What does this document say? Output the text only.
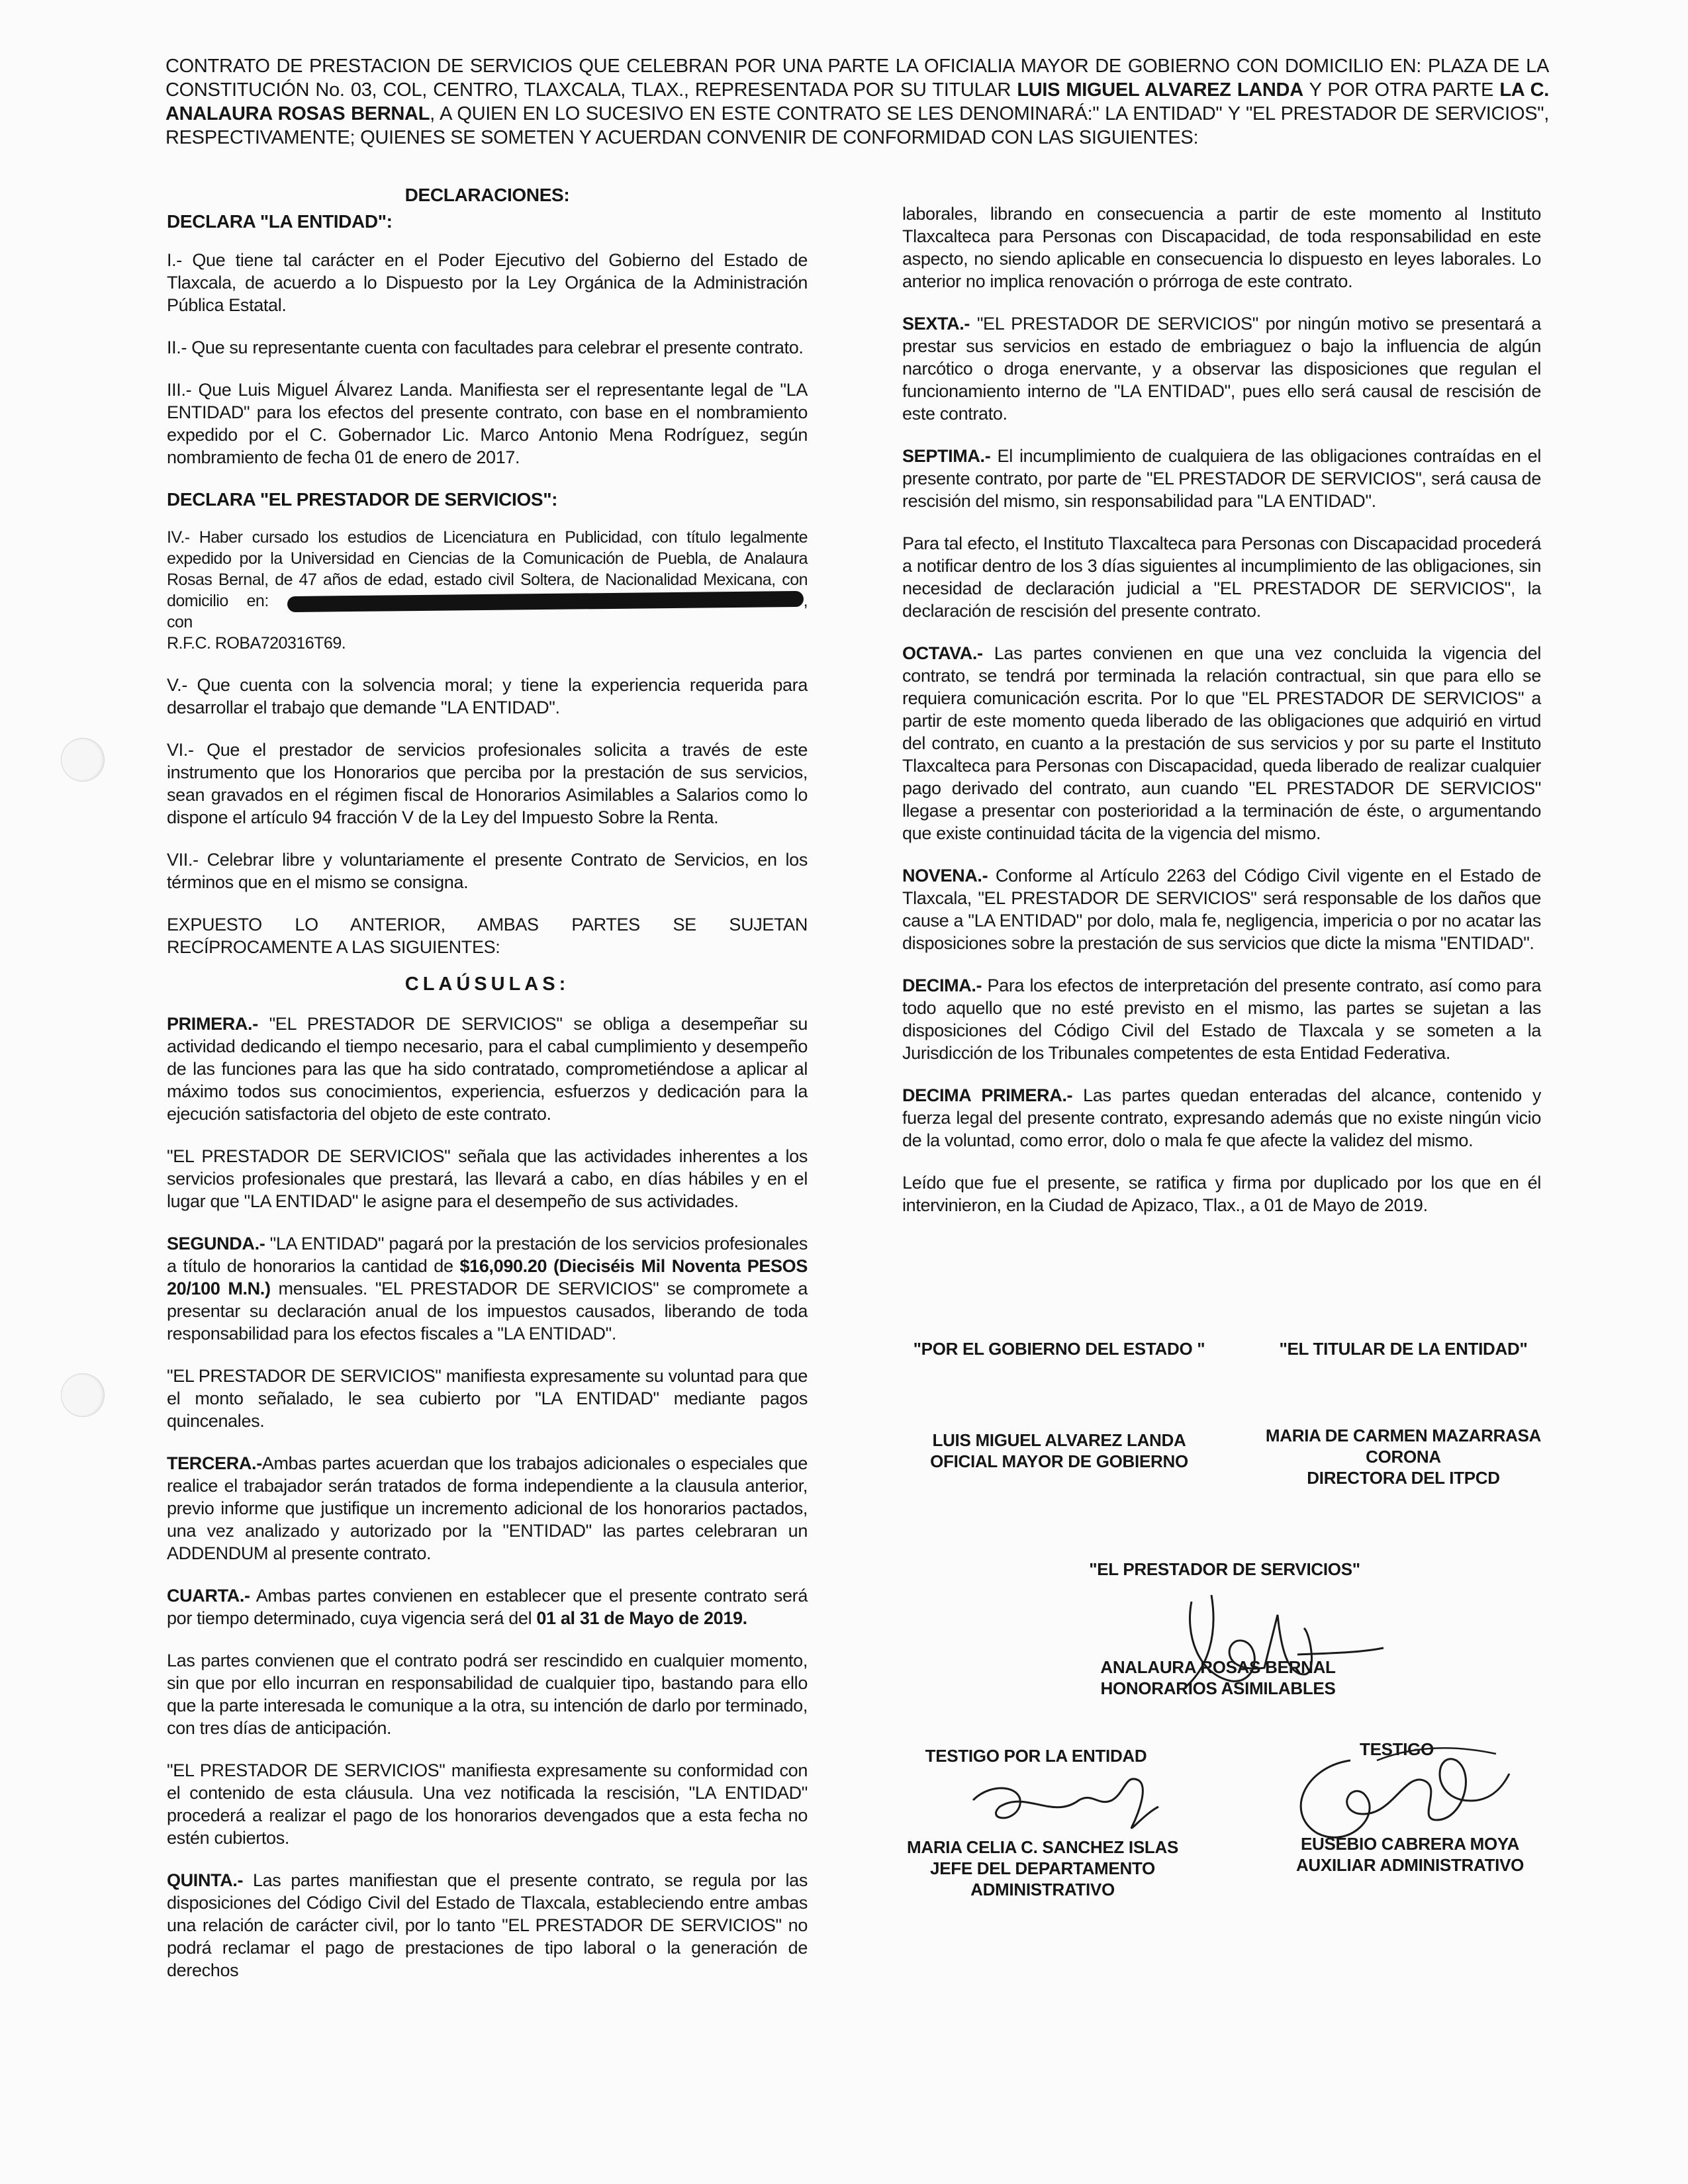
CONTRATO DE PRESTACION DE SERVICIOS QUE CELEBRAN POR UNA PARTE LA OFICIALIA MAYOR DE GOBIERNO CON DOMICILIO EN: PLAZA DE LA CONSTITUCIÓN No. 03, COL, CENTRO, TLAXCALA, TLAX., REPRESENTADA POR SU TITULAR LUIS MIGUEL ALVAREZ LANDA Y POR OTRA PARTE LA C. ANALAURA ROSAS BERNAL, A QUIEN EN LO SUCESIVO EN ESTE CONTRATO SE LES DENOMINARÁ:" LA ENTIDAD" Y "EL PRESTADOR DE SERVICIOS", RESPECTIVAMENTE; QUIENES SE SOMETEN Y ACUERDAN CONVENIR DE CONFORMIDAD CON LAS SIGUIENTES:
DECLARACIONES:
DECLARA "LA ENTIDAD":

I.- Que tiene tal carácter en el Poder Ejecutivo del Gobierno del Estado de Tlaxcala, de acuerdo a lo Dispuesto por la Ley Orgánica de la Administración Pública Estatal.

II.- Que su representante cuenta con facultades para celebrar el presente contrato.

III.- Que Luis Miguel Álvarez Landa. Manifiesta ser el representante legal de "LA ENTIDAD" para los efectos del presente contrato, con base en el nombramiento expedido por el C. Gobernador Lic. Marco Antonio Mena Rodríguez, según nombramiento de fecha 01 de enero de 2017.

DECLARA "EL PRESTADOR DE SERVICIOS":

IV.- Haber cursado los estudios de Licenciatura en Publicidad, con título legalmente expedido por la Universidad en Ciencias de la Comunicación de Puebla, de Analaura Rosas Bernal, de 47 años de edad, estado civil Soltera, de Nacionalidad Mexicana, con domicilio en:	, con
R.F.C. ROBA720316T69.

V.- Que cuenta con la solvencia moral; y tiene la experiencia requerida para desarrollar el trabajo que demande "LA ENTIDAD".

VI.- Que el prestador de servicios profesionales solicita a través de este instrumento que los Honorarios que perciba por la prestación de sus servicios, sean gravados en el régimen fiscal de Honorarios Asimilables a Salarios como lo dispone el artículo 94 fracción V de la Ley del Impuesto Sobre la Renta.

VII.- Celebrar libre y voluntariamente el presente Contrato de Servicios, en los términos que en el mismo se consigna.

EXPUESTO LO ANTERIOR, AMBAS PARTES SE SUJETAN RECÍPROCAMENTE A LAS SIGUIENTES:

CLAÚSULAS:

PRIMERA.- "EL PRESTADOR DE SERVICIOS" se obliga a desempeñar su actividad dedicando el tiempo necesario, para el cabal cumplimiento y desempeño de las funciones para las que ha sido contratado, comprometiéndose a aplicar al máximo todos sus conocimientos, experiencia, esfuerzos y dedicación para la ejecución satisfactoria del objeto de este contrato.

"EL PRESTADOR DE SERVICIOS" señala que las actividades inherentes a los servicios profesionales que prestará, las llevará a cabo, en días hábiles y en el lugar que "LA ENTIDAD" le asigne para el desempeño de sus actividades.

SEGUNDA.- "LA ENTIDAD" pagará por la prestación de los servicios profesionales a título de honorarios la cantidad de $16,090.20 (Dieciséis Mil Noventa PESOS 20/100 M.N.) mensuales. "EL PRESTADOR DE SERVICIOS" se compromete a presentar su declaración anual de los impuestos causados, liberando de toda responsabilidad para los efectos fiscales a "LA ENTIDAD".

"EL PRESTADOR DE SERVICIOS" manifiesta expresamente su voluntad para que el monto señalado, le sea cubierto por "LA ENTIDAD" mediante pagos quincenales.

TERCERA.-Ambas partes acuerdan que los trabajos adicionales o especiales que realice el trabajador serán tratados de forma independiente a la clausula anterior, previo informe que justifique un incremento adicional de los honorarios pactados, una vez analizado y autorizado por la "ENTIDAD" las partes celebraran un ADDENDUM al presente contrato.

CUARTA.- Ambas partes convienen en establecer que el presente contrato será por tiempo determinado, cuya vigencia será del 01 al 31 de Mayo de 2019.

Las partes convienen que el contrato podrá ser rescindido en cualquier momento, sin que por ello incurran en responsabilidad de cualquier tipo, bastando para ello que la parte interesada le comunique a la otra, su intención de darlo por terminado, con tres días de anticipación.

"EL PRESTADOR DE SERVICIOS" manifiesta expresamente su conformidad con el contenido de esta cláusula. Una vez notificada la rescisión, "LA ENTIDAD" procederá a realizar el pago de los honorarios devengados que a esta fecha no estén cubiertos.

QUINTA.- Las partes manifiestan que el presente contrato, se regula por las disposiciones del Código Civil del Estado de Tlaxcala, estableciendo entre ambas una relación de carácter civil, por lo tanto "EL PRESTADOR DE SERVICIOS" no podrá reclamar el pago de prestaciones de tipo laboral o la generación de derechos

laborales, librando en consecuencia a partir de este momento al Instituto Tlaxcalteca para Personas con Discapacidad, de toda responsabilidad en este aspecto, no siendo aplicable en consecuencia lo dispuesto en leyes laborales. Lo anterior no implica renovación o prórroga de este contrato.

SEXTA.- "EL PRESTADOR DE SERVICIOS" por ningún motivo se presentará a prestar sus servicios en estado de embriaguez o bajo la influencia de algún narcótico o droga enervante, y a observar las disposiciones que regulan el funcionamiento interno de "LA ENTIDAD", pues ello será causal de rescisión de este contrato.

SEPTIMA.- El incumplimiento de cualquiera de las obligaciones contraídas en el presente contrato, por parte de "EL PRESTADOR DE SERVICIOS", será causa de rescisión del mismo, sin responsabilidad para "LA ENTIDAD".

Para tal efecto, el Instituto Tlaxcalteca para Personas con Discapacidad procederá a notificar dentro de los 3 días siguientes al incumplimiento de las obligaciones, sin necesidad de declaración judicial a "EL PRESTADOR DE SERVICIOS", la declaración de rescisión del presente contrato.

OCTAVA.- Las partes convienen en que una vez concluida la vigencia del contrato, se tendrá por terminada la relación contractual, sin que para ello se requiera comunicación escrita. Por lo que "EL PRESTADOR DE SERVICIOS" a partir de este momento queda liberado de las obligaciones que adquirió en virtud del contrato, en cuanto a la prestación de sus servicios y por su parte el Instituto Tlaxcalteca para Personas con Discapacidad, queda liberado de realizar cualquier pago derivado del contrato, aun cuando "EL PRESTADOR DE SERVICIOS" llegase a presentar con posterioridad a la terminación de éste, o argumentando que existe continuidad tácita de la vigencia del mismo.

NOVENA.- Conforme al Artículo 2263 del Código Civil vigente en el Estado de Tlaxcala, "EL PRESTADOR DE SERVICIOS" será responsable de los daños que cause a "LA ENTIDAD" por dolo, mala fe, negligencia, impericia o por no acatar las disposiciones sobre la prestación de sus servicios que dicte la misma "ENTIDAD".

DECIMA.- Para los efectos de interpretación del presente contrato, así como para todo aquello que no esté previsto en el mismo, las partes se sujetan a las disposiciones del Código Civil del Estado de Tlaxcala y se someten a la Jurisdicción de los Tribunales competentes de esta Entidad Federativa.

DECIMA PRIMERA.- Las partes quedan enteradas del alcance, contenido y fuerza legal del presente contrato, expresando además que no existe ningún vicio de la voluntad, como error, dolo o mala fe que afecte la validez del mismo.

Leído que fue el presente, se ratifica y firma por duplicado por los que en él intervinieron, en la Ciudad de Apizaco, Tlax., a 01 de Mayo de 2019.

"POR EL GOBIERNO DEL ESTADO "	"EL TITULAR DE LA ENTIDAD"
LUIS MIGUEL ALVAREZ LANDA
OFICIAL MAYOR DE GOBIERNO
MARIA DE CARMEN MAZARRASA CORONA
DIRECTORA DEL ITPCD
"EL PRESTADOR DE SERVICIOS"
ANALAURA ROSAS BERNAL
HONORARIOS ASIMILABLES
TESTIGO POR LA ENTIDAD	TESTIGO
MARIA CELIA C. SANCHEZ ISLAS
JEFE DEL DEPARTAMENTO ADMINISTRATIVO
EUSEBIO CABRERA MOYA
AUXILIAR ADMINISTRATIVO
